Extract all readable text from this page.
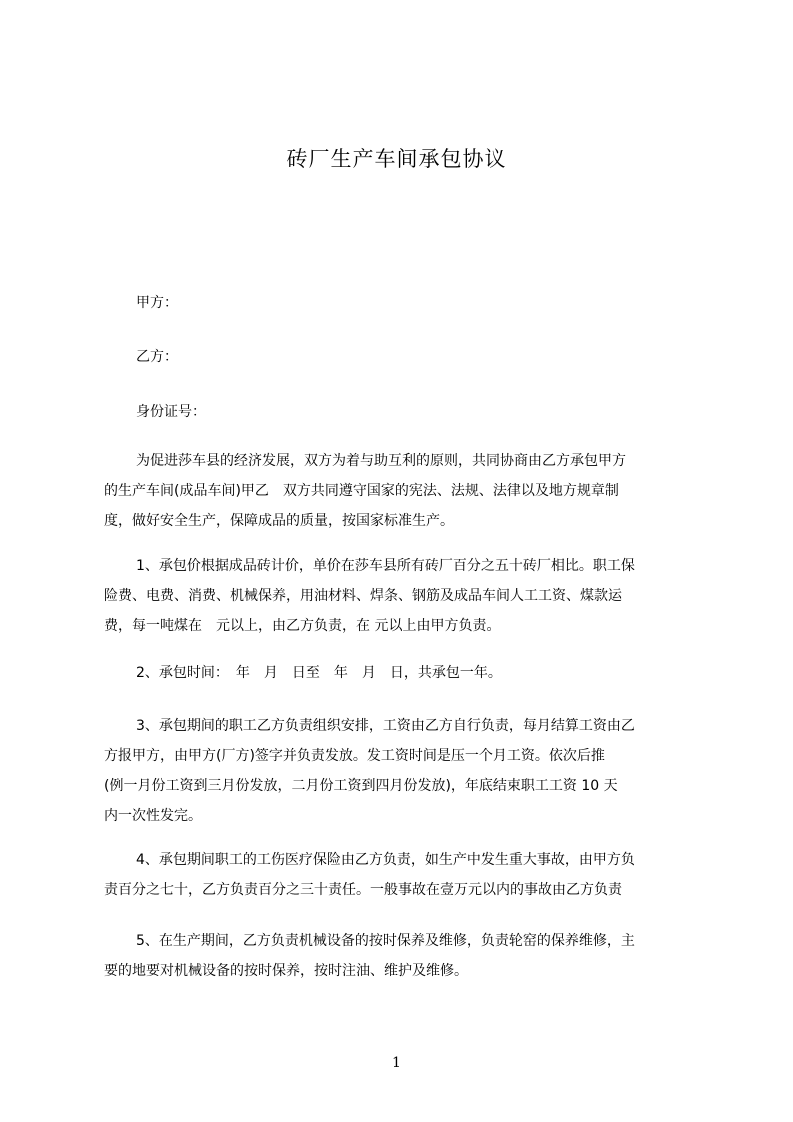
砖厂生产车间承包协议
甲方：
乙方：
身份证号：
为促进莎车县的经济发展，双方为着与助互利的原则，共同协商由乙方承包甲方
的生产车间(成品车间)甲乙　双方共同遵守国家的宪法、法规、法律以及地方规章制
度，做好安全生产，保障成品的质量，按国家标准生产。
1、承包价根据成品砖计价，单价在莎车县所有砖厂百分之五十砖厂相比。职工保
险费、电费、消费、机械保养，用油材料、焊条、钢筋及成品车间人工工资、煤款运
费，每一吨煤在　元以上，由乙方负责，在 元以上由甲方负责。
2、承包时间：　年　月　日至　年　月　日，共承包一年。
3、承包期间的职工乙方负责组织安排，工资由乙方自行负责，每月结算工资由乙
方报甲方，由甲方(厂方)签字并负责发放。发工资时间是压一个月工资。依次后推
(例一月份工资到三月份发放，二月份工资到四月份发放)，年底结束职工工资 10 天
内一次性发完。
4、承包期间职工的工伤医疗保险由乙方负责，如生产中发生重大事故，由甲方负
责百分之七十，乙方负责百分之三十责任。一般事故在壹万元以内的事故由乙方负责
5、在生产期间，乙方负责机械设备的按时保养及维修，负责轮窑的保养维修，主
要的地要对机械设备的按时保养，按时注油、维护及维修。
1
